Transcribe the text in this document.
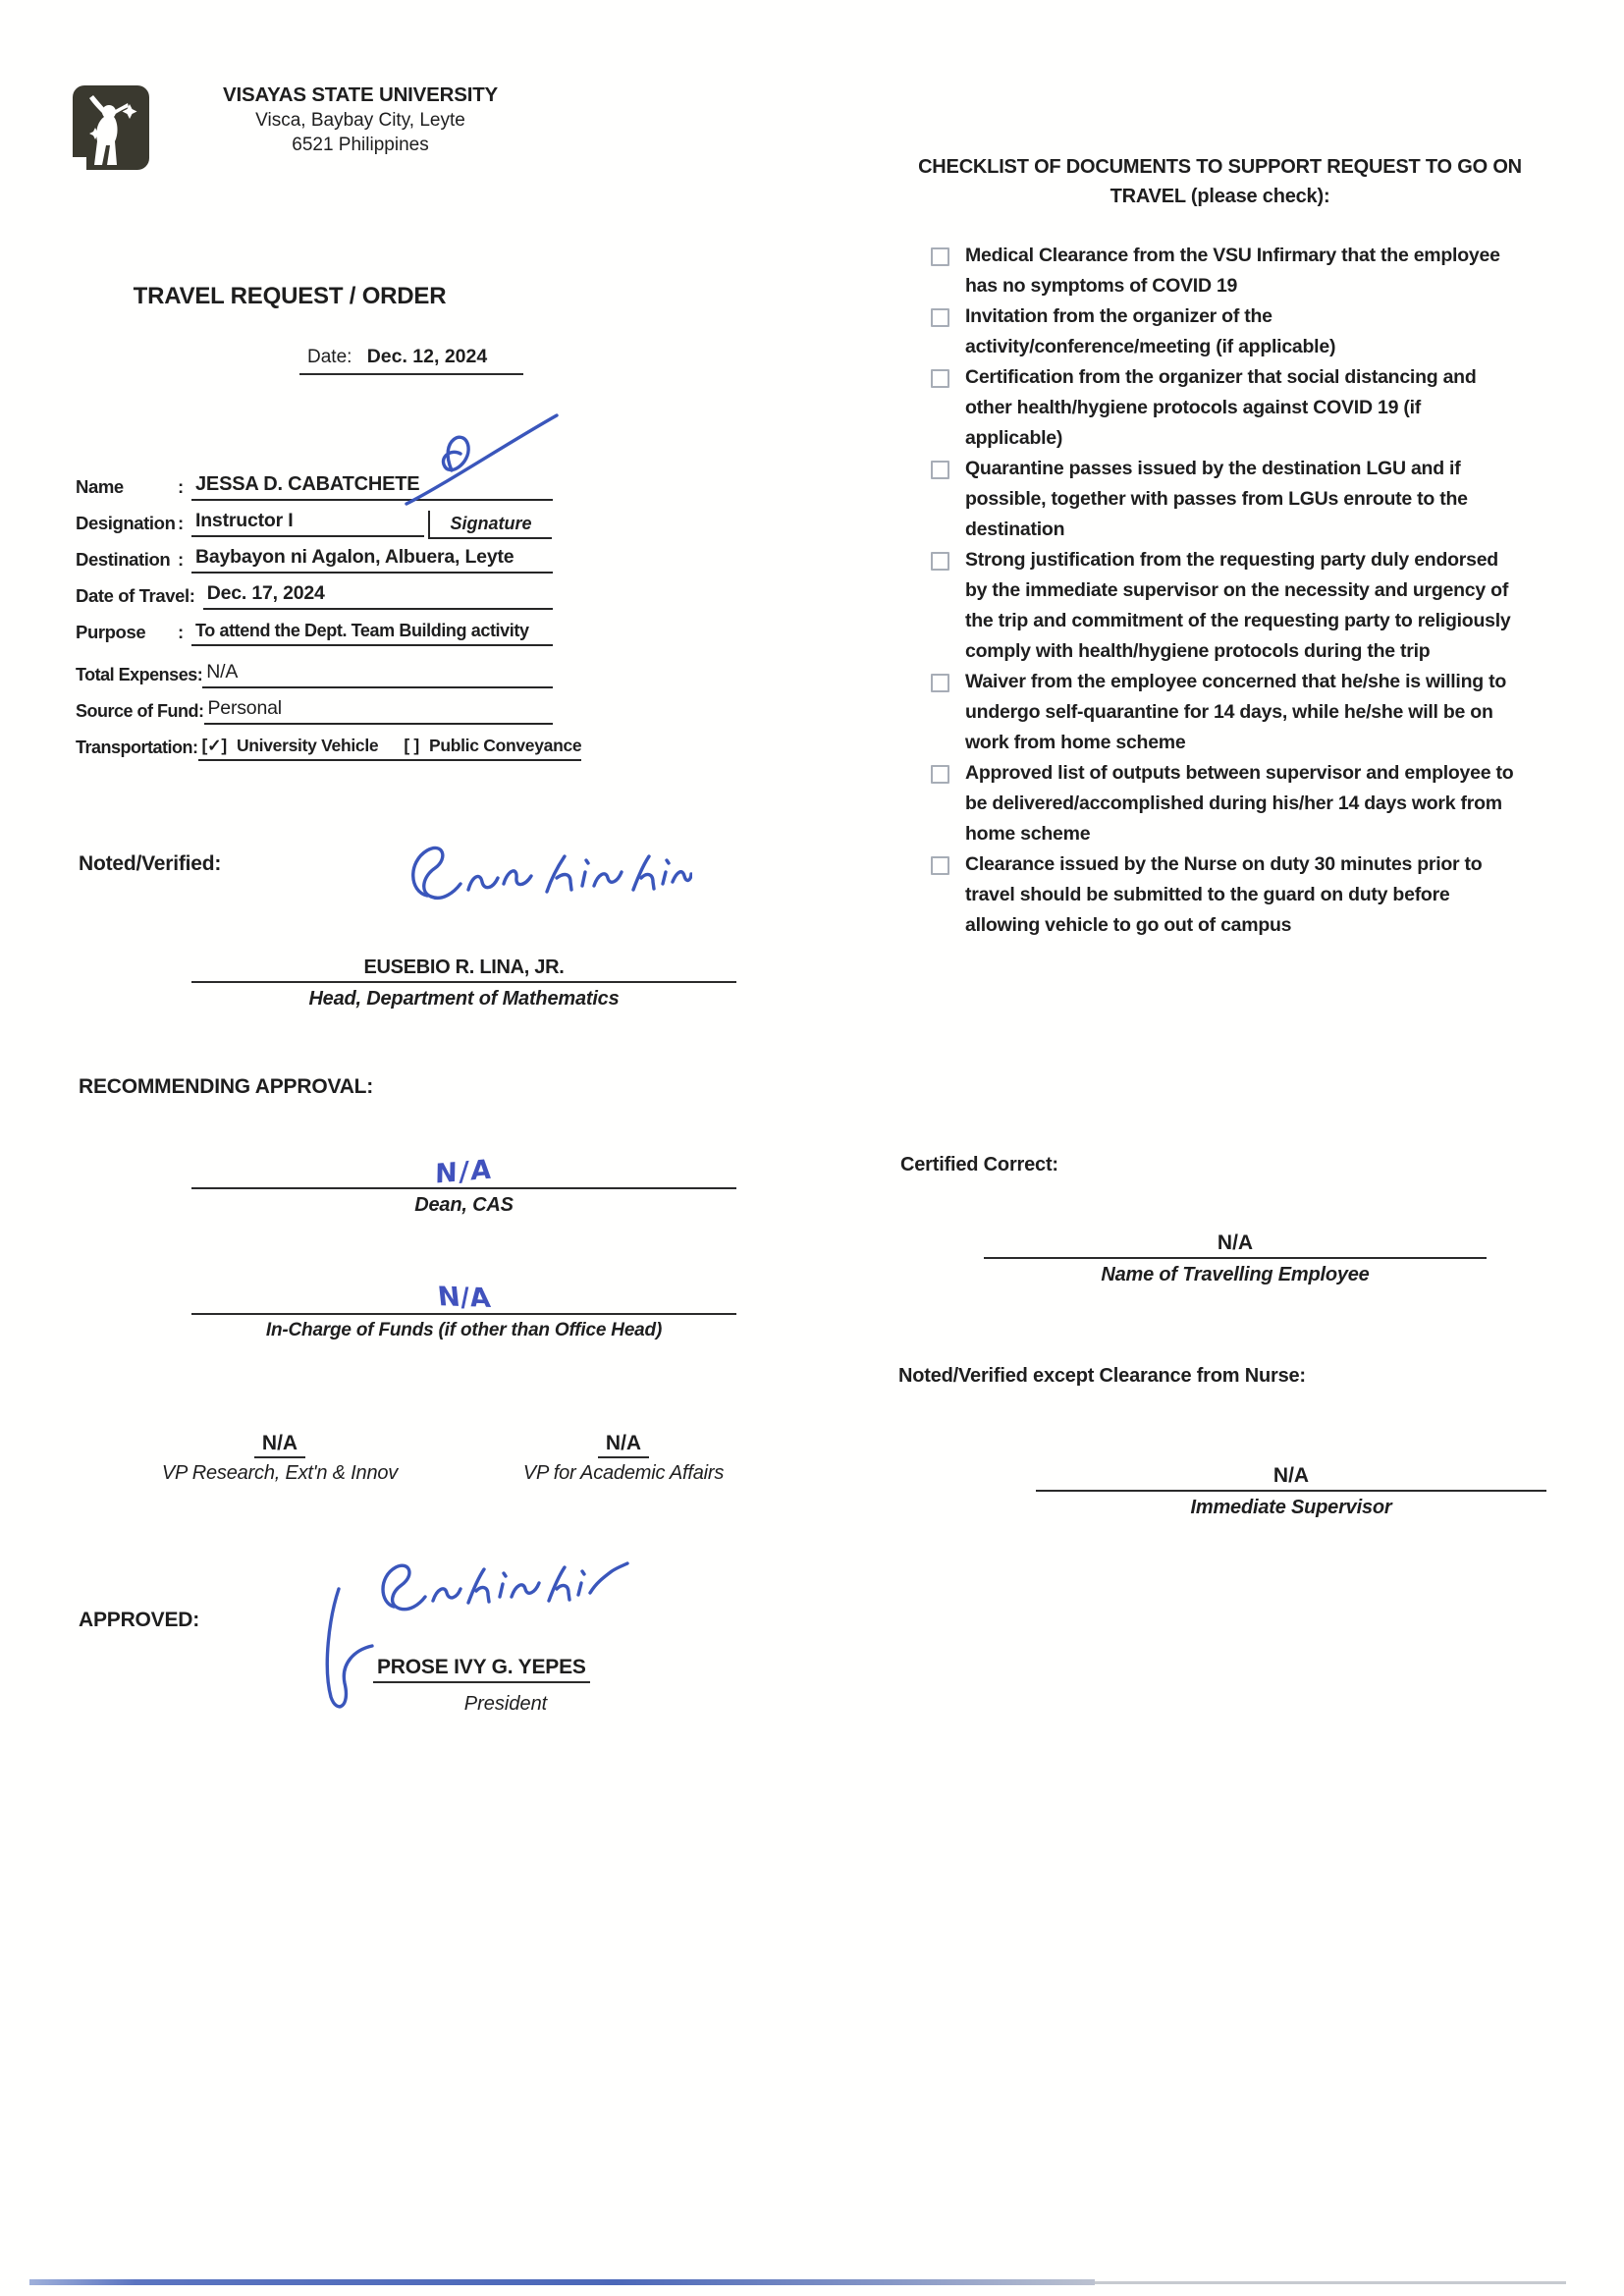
VISAYAS STATE UNIVERSITY
Visca, Baybay City, Leyte
6521 Philippines
TRAVEL REQUEST / ORDER
Date: Dec. 12, 2024
Name	: JESSA D. CABATCHETE
Designation : Instructor I	Signature
Destination : Baybayon ni Agalon, Albuera, Leyte
Date of Travel : Dec. 17, 2024
Purpose	: To attend the Dept. Team Building activity
Total Expenses: N/A
Source of Fund: Personal
Transportation: [✓] University Vehicle [ ] Public Conveyance
Noted/Verified:
EUSEBIO R. LINA, JR.
Head, Department of Mathematics
RECOMMENDING APPROVAL:
N/A
Dean, CAS
N/A
In-Charge of Funds (if other than Office Head)
N/A
VP Research, Ext'n & Innov
N/A
VP for Academic Affairs
APPROVED:
PROSE IVY G. YEPES
President
CHECKLIST OF DOCUMENTS TO SUPPORT REQUEST TO GO ON TRAVEL (please check):
Medical Clearance from the VSU Infirmary that the employee has no symptoms of COVID 19
Invitation from the organizer of the activity/conference/meeting (if applicable)
Certification from the organizer that social distancing and other health/hygiene protocols against COVID 19 (if applicable)
Quarantine passes issued by the destination LGU and if possible, together with passes from LGUs enroute to the destination
Strong justification from the requesting party duly endorsed by the immediate supervisor on the necessity and urgency of the trip and commitment of the requesting party to religiously comply with health/hygiene protocols during the trip
Waiver from the employee concerned that he/she is willing to undergo self-quarantine for 14 days, while he/she will be on work from home scheme
Approved list of outputs between supervisor and employee to be delivered/accomplished during his/her 14 days work from home scheme
Clearance issued by the Nurse on duty 30 minutes prior to travel should be submitted to the guard on duty before allowing vehicle to go out of campus
Certified Correct:
N/A
Name of Travelling Employee
Noted/Verified except Clearance from Nurse:
N/A
Immediate Supervisor
